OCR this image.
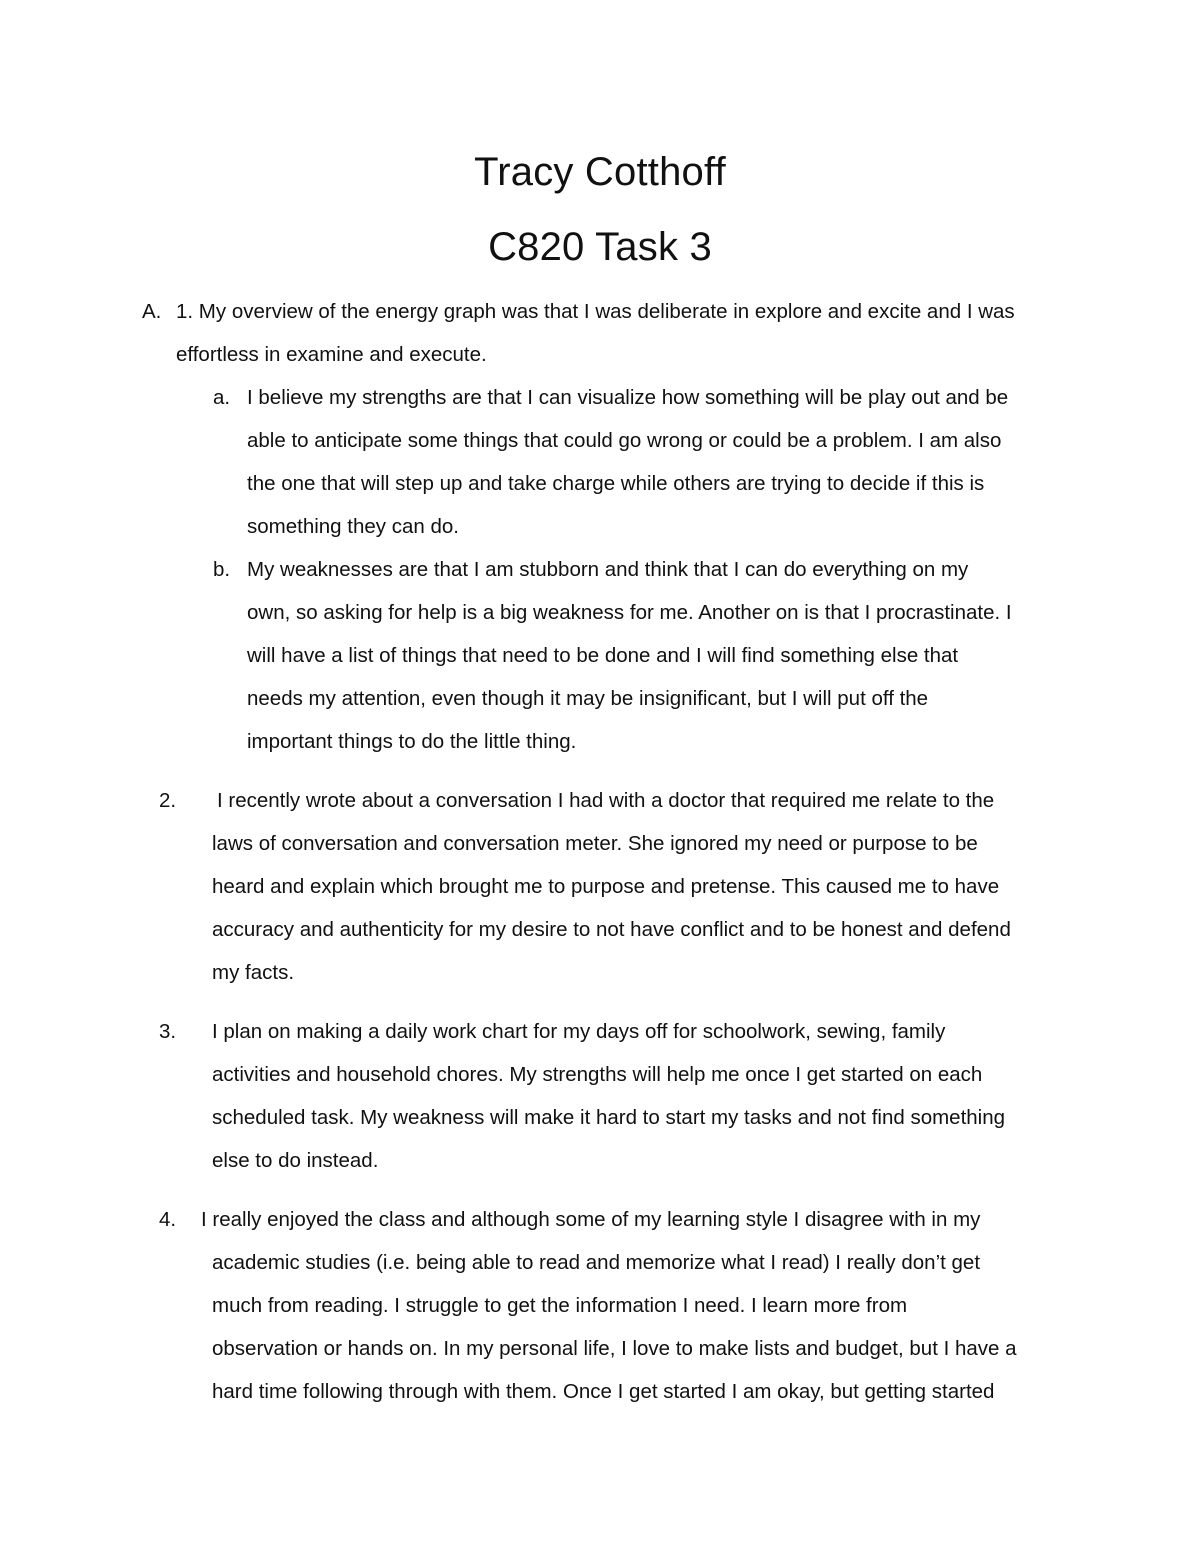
Tracy Cotthoff
C820 Task 3
A. 1. My overview of the energy graph was that I was deliberate in explore and excite and I was
effortless in examine and execute.
a. I believe my strengths are that I can visualize how something will be play out and be
able to anticipate some things that could go wrong or could be a problem. I am also
the one that will step up and take charge while others are trying to decide if this is
something they can do.
b. My weaknesses are that I am stubborn and think that I can do everything on my
own, so asking for help is a big weakness for me. Another on is that I procrastinate. I
will have a list of things that need to be done and I will find something else that
needs my attention, even though it may be insignificant, but I will put off the
important things to do the little thing.
2. I recently wrote about a conversation I had with a doctor that required me relate to the
laws of conversation and conversation meter. She ignored my need or purpose to be
heard and explain which brought me to purpose and pretense. This caused me to have
accuracy and authenticity for my desire to not have conflict and to be honest and defend
my facts.
3. I plan on making a daily work chart for my days off for schoolwork, sewing, family
activities and household chores. My strengths will help me once I get started on each
scheduled task. My weakness will make it hard to start my tasks and not find something
else to do instead.
4. I really enjoyed the class and although some of my learning style I disagree with in my
academic studies (i.e. being able to read and memorize what I read) I really don’t get
much from reading. I struggle to get the information I need. I learn more from
observation or hands on. In my personal life, I love to make lists and budget, but I have a
hard time following through with them. Once I get started I am okay, but getting started
